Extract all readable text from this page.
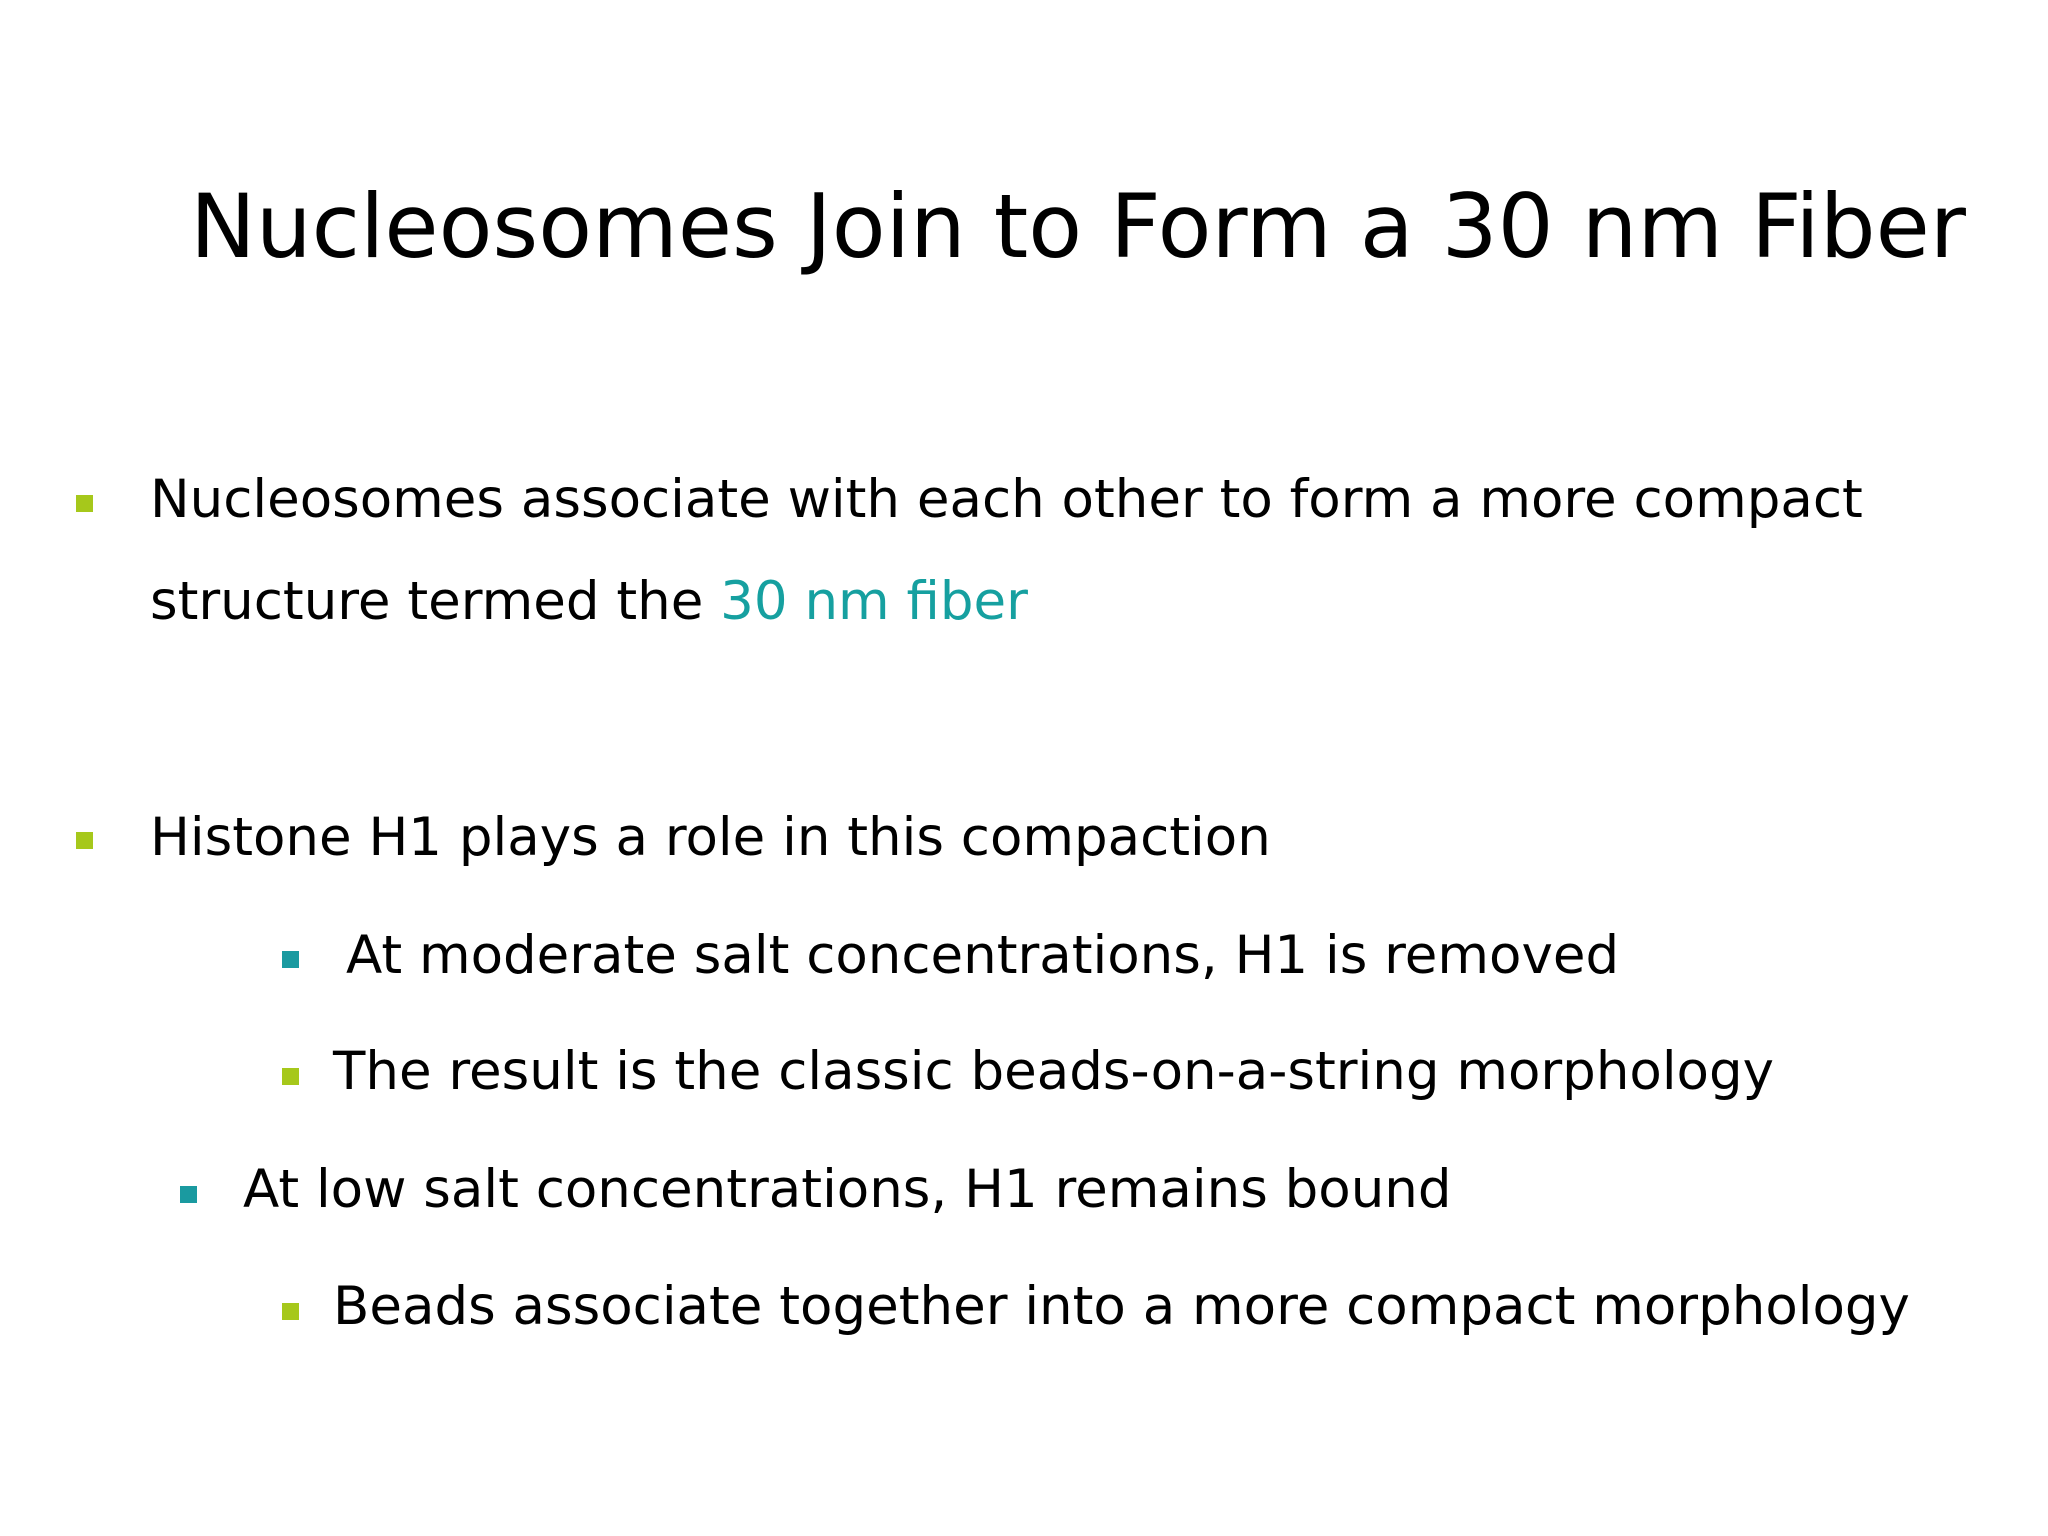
Nucleosomes Join to Form a 30 nm Fiber
Nucleosomes associate with each other to form a more compact
structure termed the 30 nm fiber
Histone H1 plays a role in this compaction
At moderate salt concentrations, H1 is removed
The result is the classic beads-on-a-string morphology
At low salt concentrations, H1 remains bound
Beads associate together into a more compact morphology
